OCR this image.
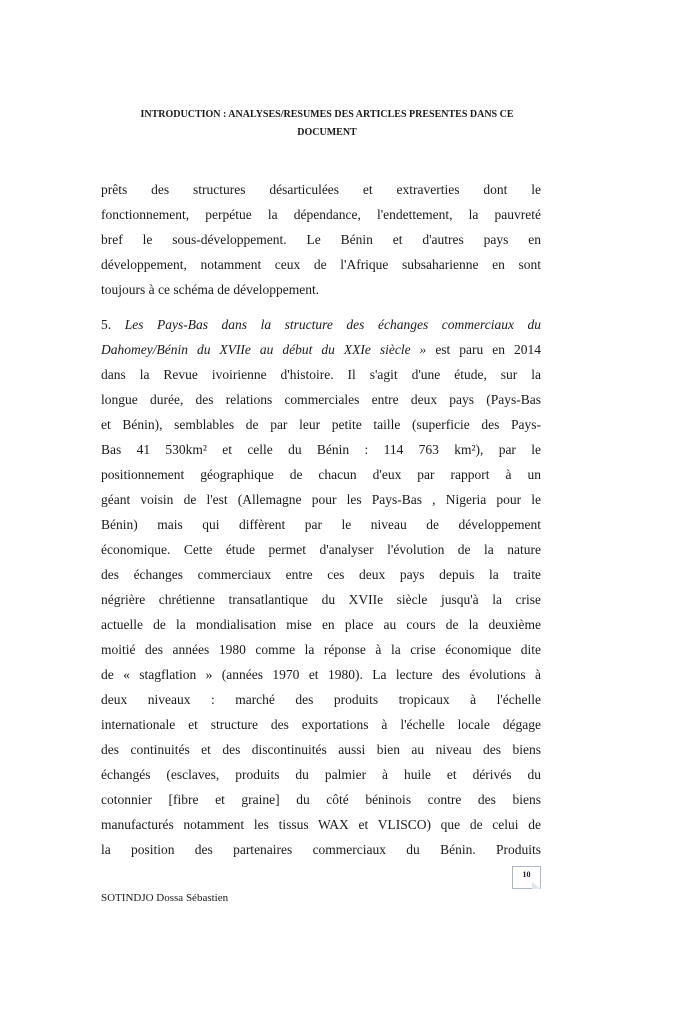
INTRODUCTION : ANALYSES/RESUMES DES ARTICLES PRESENTES DANS CE
DOCUMENT
prêts des structures désarticulées et extraverties dont le
fonctionnement, perpétue la dépendance, l'endettement, la pauvreté
bref le sous-développement. Le Bénin et d'autres pays en
développement, notamment ceux de l'Afrique subsaharienne en sont
toujours à ce schéma de développement.
5. Les Pays-Bas dans la structure des échanges commerciaux du
Dahomey/Bénin du XVIIe au début du XXIe siècle » est paru en 2014
dans la Revue ivoirienne d'histoire. Il s'agit d'une étude, sur la
longue durée, des relations commerciales entre deux pays (Pays-Bas
et Bénin), semblables de par leur petite taille (superficie des Pays-
Bas 41 530km² et celle du Bénin : 114 763 km²), par le
positionnement géographique de chacun d'eux par rapport à un
géant voisin de l'est (Allemagne pour les Pays-Bas , Nigeria pour le
Bénin) mais qui diffèrent par le niveau de développement
économique. Cette étude permet d'analyser l'évolution de la nature
des échanges commerciaux entre ces deux pays depuis la traite
négrière chrétienne transatlantique du XVIIe siècle jusqu'à la crise
actuelle de la mondialisation mise en place au cours de la deuxième
moitié des années 1980 comme la réponse à la crise économique dite
de « stagflation » (années 1970 et 1980). La lecture des évolutions à
deux niveaux : marché des produits tropicaux à l'échelle
internationale et structure des exportations à l'échelle locale dégage
des continuités et des discontinuités aussi bien au niveau des biens
échangés (esclaves, produits du palmier à huile et dérivés du
cotonnier [fibre et graine] du côté béninois contre des biens
manufacturés notamment les tissus WAX et VLISCO) que de celui de
la position des partenaires commerciaux du Bénin. Produits
10
SOTINDJO Dossa Sébastien
